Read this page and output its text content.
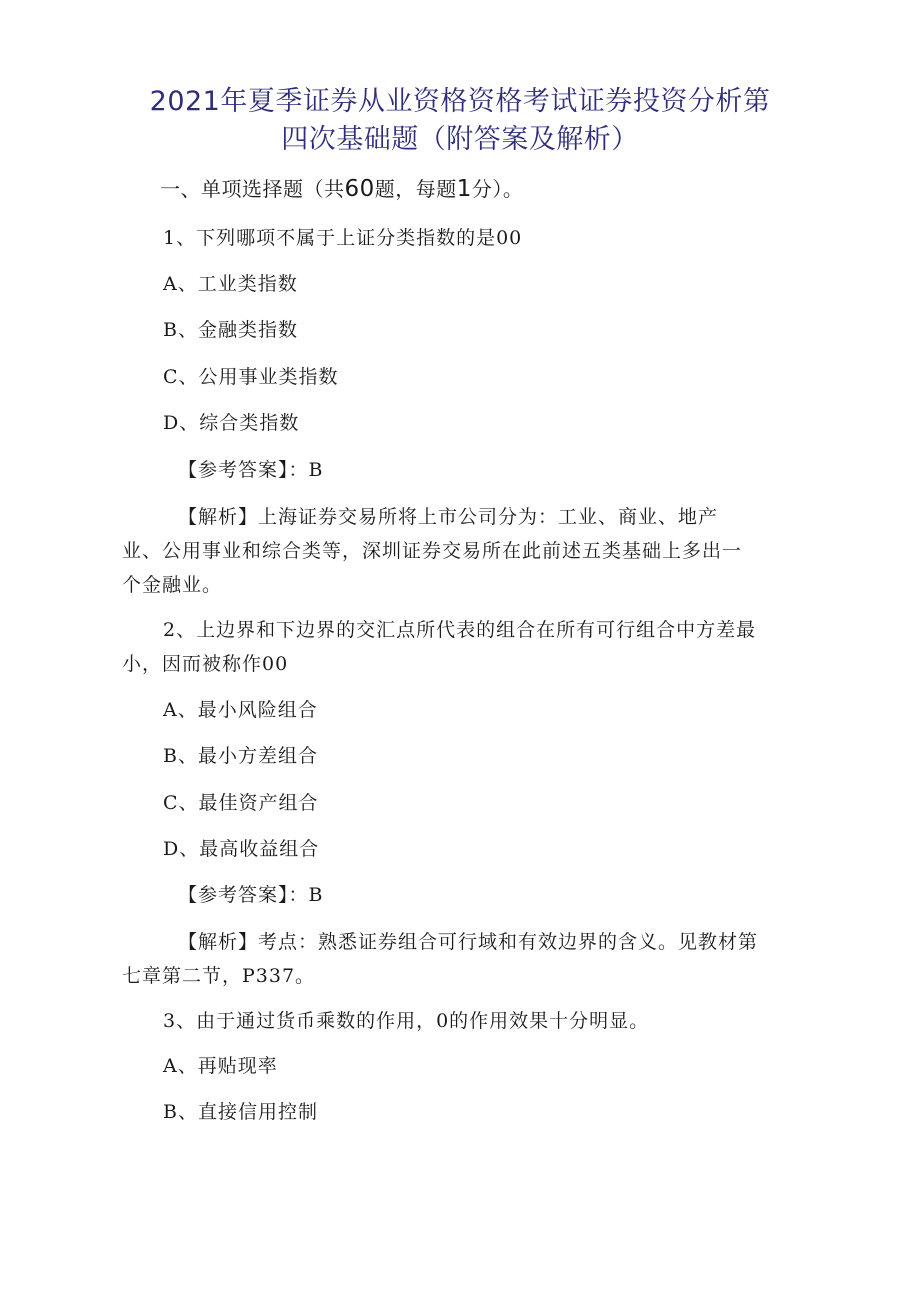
2021年夏季证券从业资格资格考试证券投资分析第
四次基础题（附答案及解析）
一、单项选择题（共60题，每题1分）。
1、下列哪项不属于上证分类指数的是00
A、工业类指数
B、金融类指数
C、公用事业类指数
D、综合类指数
【参考答案】：B
【解析】上海证券交易所将上市公司分为：工业、商业、地产
业、公用事业和综合类等，深圳证券交易所在此前述五类基础上多出一
个金融业。
2、上边界和下边界的交汇点所代表的组合在所有可行组合中方差最
小，因而被称作00
A、最小风险组合
B、最小方差组合
C、最佳资产组合
D、最高收益组合
【参考答案】：B
【解析】考点：熟悉证券组合可行域和有效边界的含义。见教材第
七章第二节，P337。
3、由于通过货币乘数的作用，0的作用效果十分明显。
A、再贴现率
B、直接信用控制
